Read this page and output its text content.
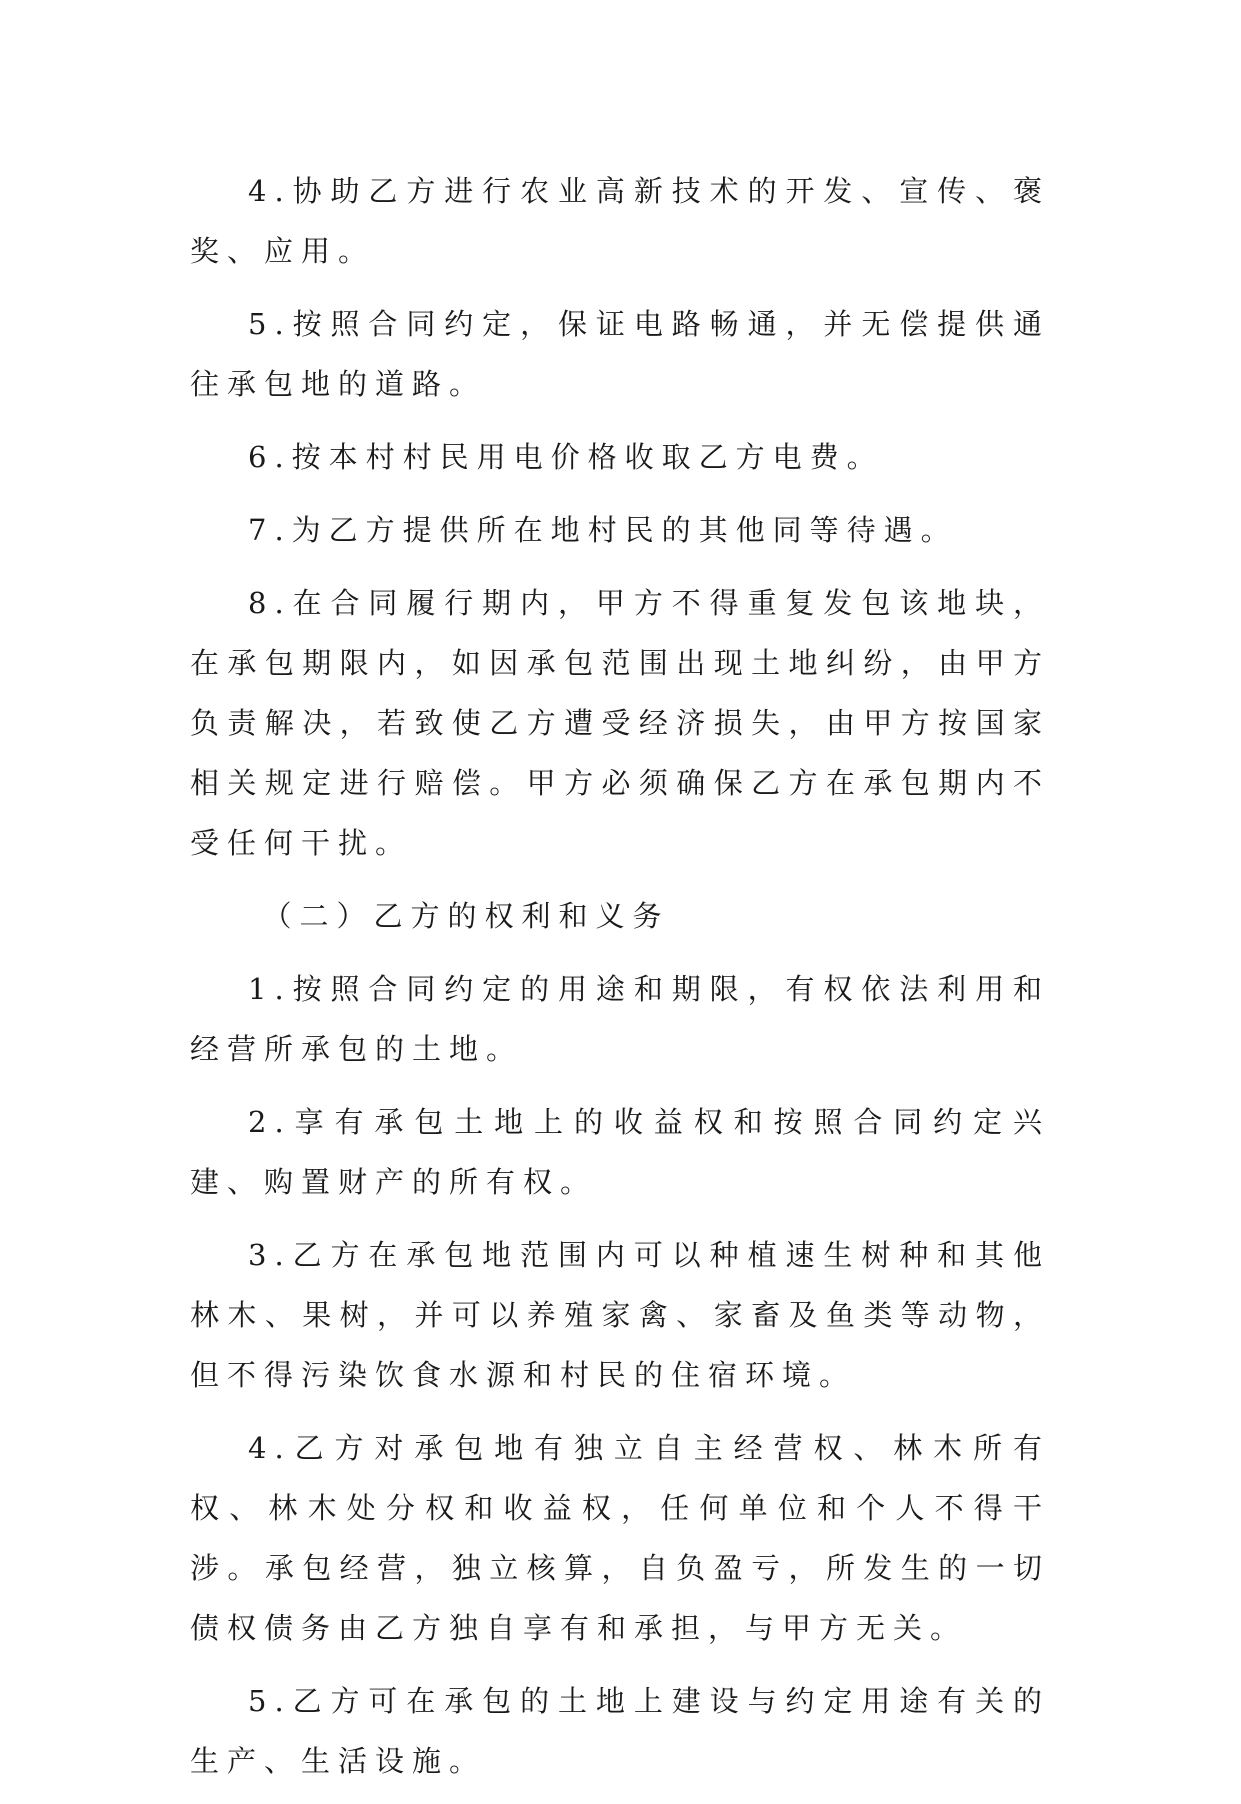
4.协助乙方进行农业高新技术的开发、宣传、褒奖、应用。

5.按照合同约定，保证电路畅通，并无偿提供通往承包地的道路。

6.按本村村民用电价格收取乙方电费。

7.为乙方提供所在地村民的其他同等待遇。

8.在合同履行期内，甲方不得重复发包该地块，在承包期限内，如因承包范围出现土地纠纷，由甲方负责解决，若致使乙方遭受经济损失，由甲方按国家相关规定进行赔偿。甲方必须确保乙方在承包期内不受任何干扰。

（二）乙方的权利和义务

1.按照合同约定的用途和期限，有权依法利用和经营所承包的土地。

2.享有承包土地上的收益权和按照合同约定兴建、购置财产的所有权。

3.乙方在承包地范围内可以种植速生树种和其他林木、果树，并可以养殖家禽、家畜及鱼类等动物，但不得污染饮食水源和村民的住宿环境。

4.乙方对承包地有独立自主经营权、林木所有权、林木处分权和收益权，任何单位和个人不得干涉。承包经营，独立核算，自负盈亏，所发生的一切债权债务由乙方独自享有和承担，与甲方无关。

5.乙方可在承包的土地上建设与约定用途有关的生产、生活设施。
